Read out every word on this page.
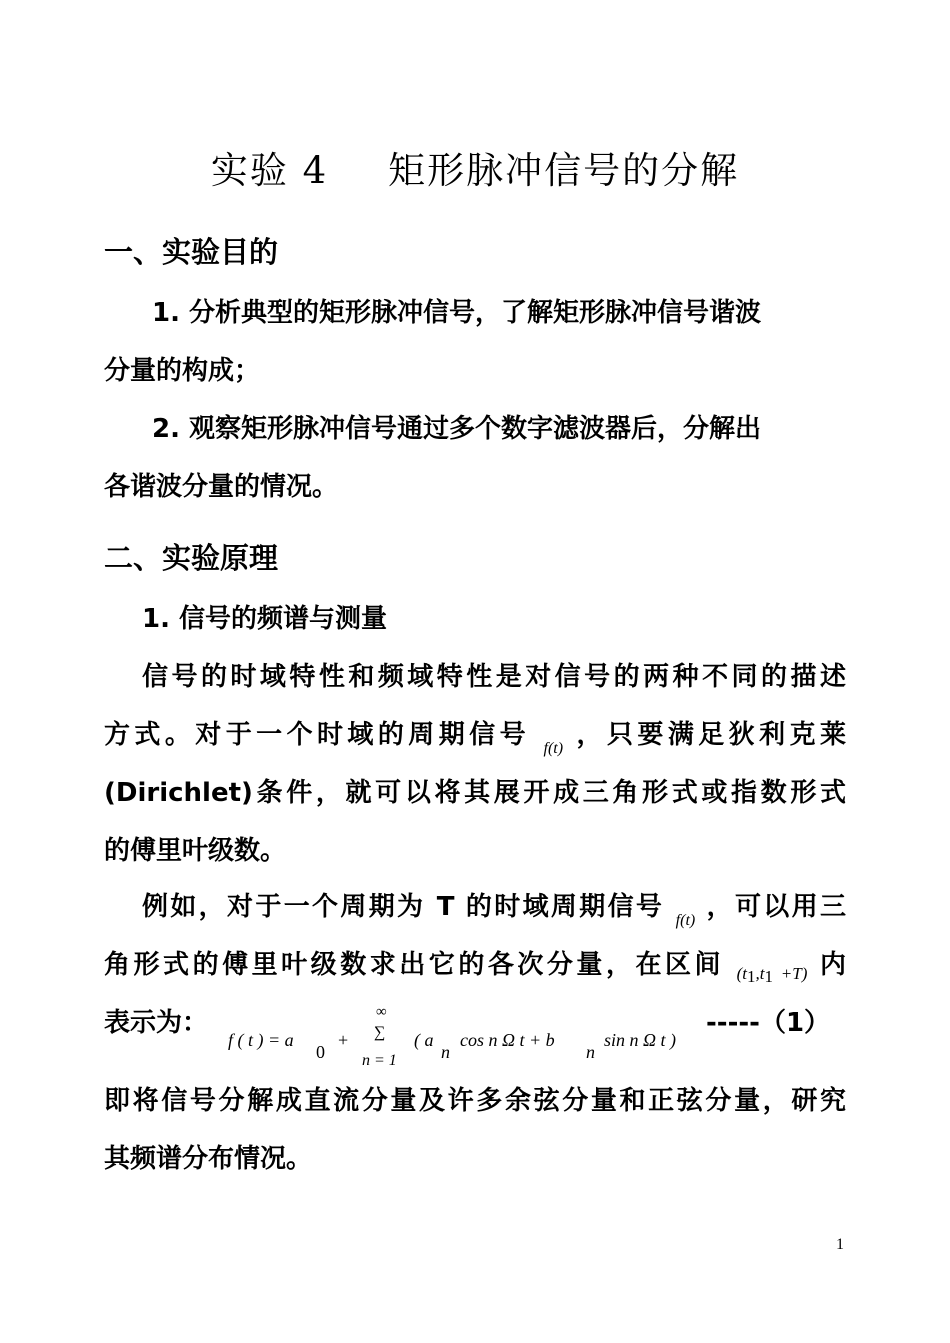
实验 4 矩形脉冲信号的分解
一、实验目的
1. 分析典型的矩形脉冲信号，了解矩形脉冲信号谐波
分量的构成；
2. 观察矩形脉冲信号通过多个数字滤波器后，分解出
各谐波分量的情况。
二、实验原理
1. 信号的频谱与测量
信号的时域特性和频域特性是对信号的两种不同的描述
方式。对于一个时域的周期信号 $_{f(t)}$ ，只要满足狄利克莱
(Dirichlet)条件，就可以将其展开成三角形式或指数形式
的傅里叶级数。
例如，对于一个周期为 T 的时域周期信号 $_{f(t)}$ ，可以用三
角形式的傅里叶级数求出它的各次分量，在区间 $_{(t_1,t_1 +T)}$ 内
表示为：
f ( t ) = a
0
+
∞
∑
n = 1
( a
n
cos n Ω t + b
n
sin n Ω t )
-----（1）
即将信号分解成直流分量及许多余弦分量和正弦分量，研究
其频谱分布情况。
1
